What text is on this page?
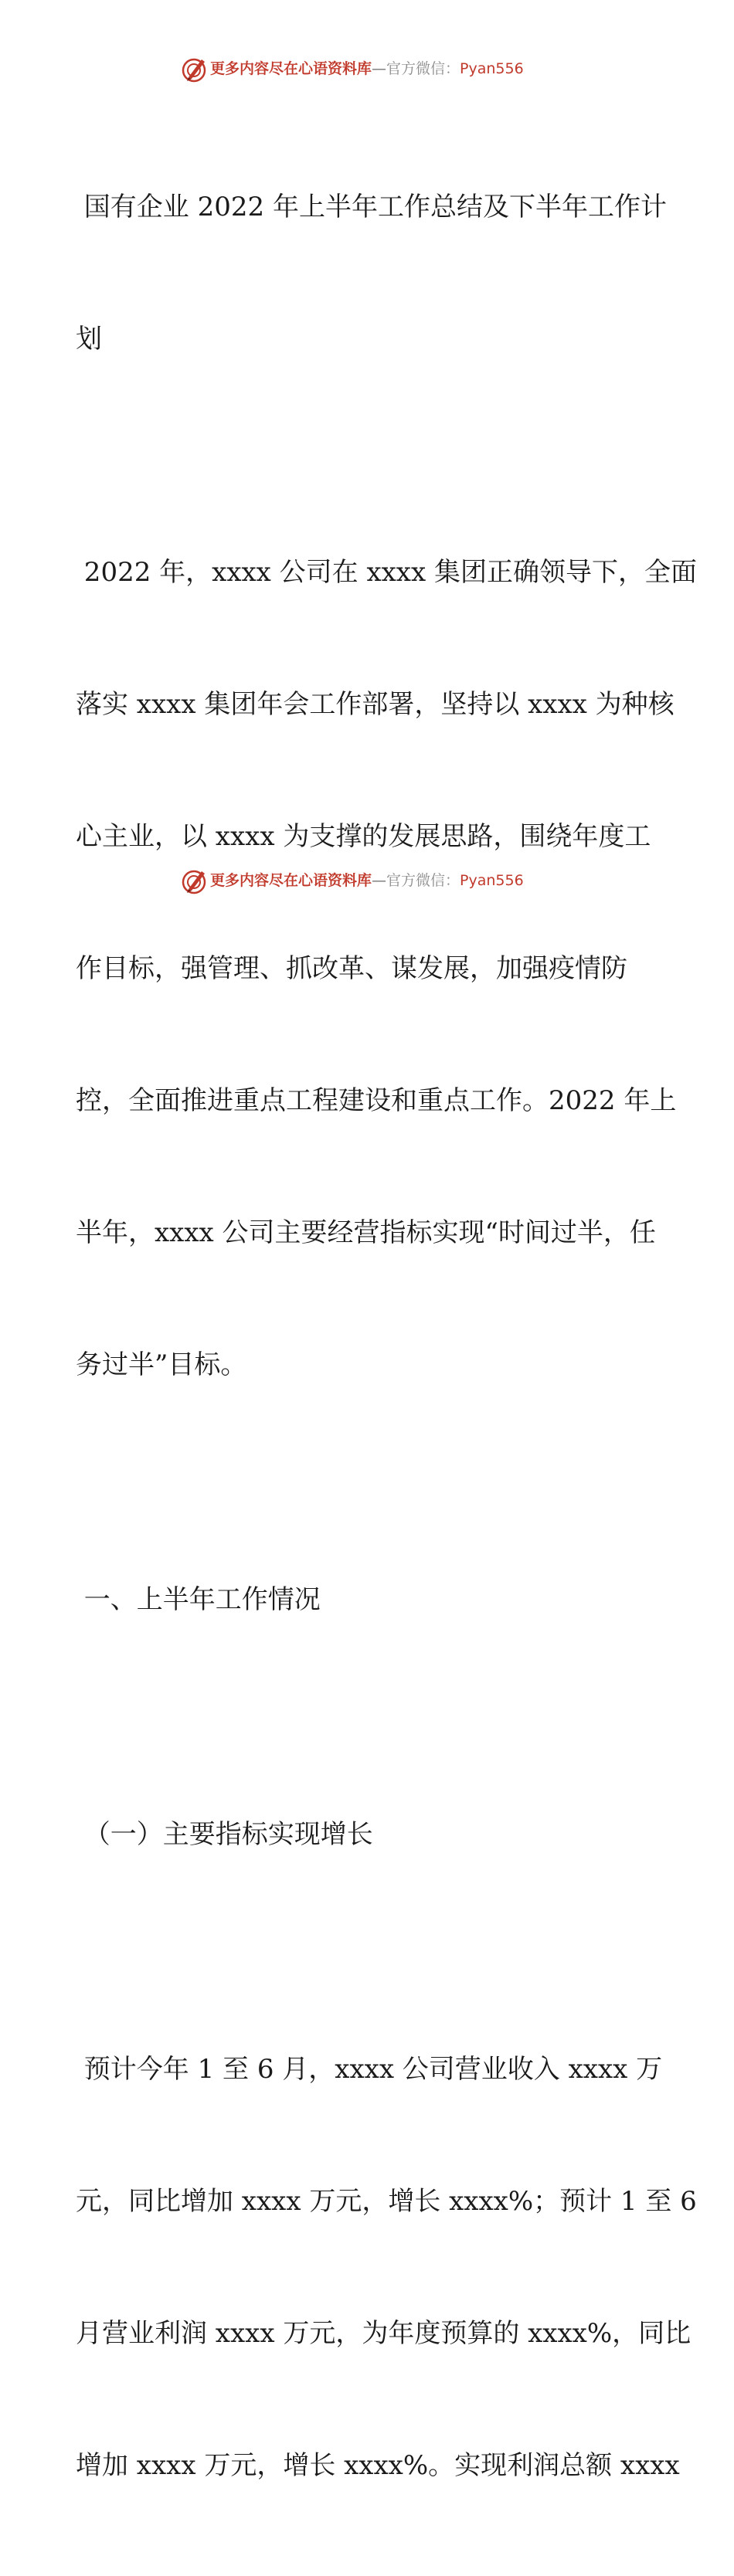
更多内容尽在心语资料库—官方微信：Pyan556

国有企业 2022 年上半年工作总结及下半年工作计

划

2022 年，xxxx 公司在 xxxx 集团正确领导下，全面

落实 xxxx 集团年会工作部署，坚持以 xxxx 为种核

心主业，以 xxxx 为支撑的发展思路，围绕年度工

作目标，强管理、抓改革、谋发展，加强疫情防

控，全面推进重点工程建设和重点工作。2022 年上

半年，xxxx 公司主要经营指标实现“时间过半，任

务过半”目标。

一、上半年工作情况

（一）主要指标实现增长

预计今年 1 至 6 月，xxxx 公司营业收入 xxxx 万

元，同比增加 xxxx 万元，增长 xxxx%；预计 1 至 6

月营业利润 xxxx 万元，为年度预算的 xxxx%，同比

增加 xxxx 万元，增长 xxxx%。实现利润总额 xxxx

更多内容尽在心语资料库—官方微信：Pyan556
